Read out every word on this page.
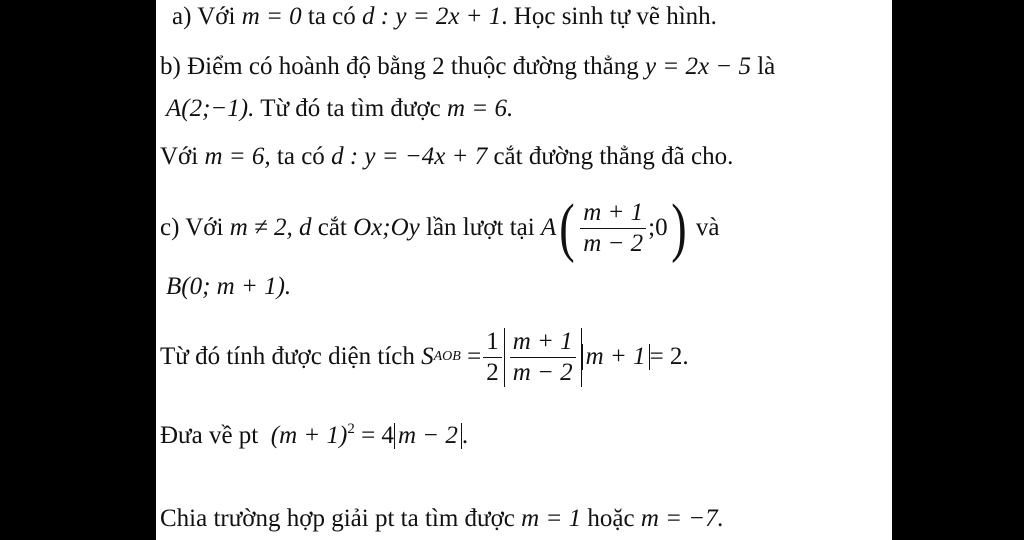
a) Với m = 0 ta có d : y = 2x + 1. Học sinh tự vẽ hình.
b) Điểm có hoành độ bằng 2 thuộc đường thẳng y = 2x − 5 là
A(2;−1). Từ đó ta tìm được m = 6.
Với m = 6, ta có d : y = −4x + 7 cắt đường thẳng đã cho.
c) Với
m ≠ 2, d
cắt
Ox;Oy
lần lượt tại
A ( $\frac{m + 1}{m - 2}$ ;0 )
và
B(0; m + 1).
Từ đó tính được diện tích
S AOB
= $\frac{1}{2} \frac{m + 1}{m - 2}$ m + 1 = 2.
Đưa về pt $(m + 1)^2 = 4$ m − 2 .
Chia trường hợp giải pt ta tìm được m = 1 hoặc m = −7.
